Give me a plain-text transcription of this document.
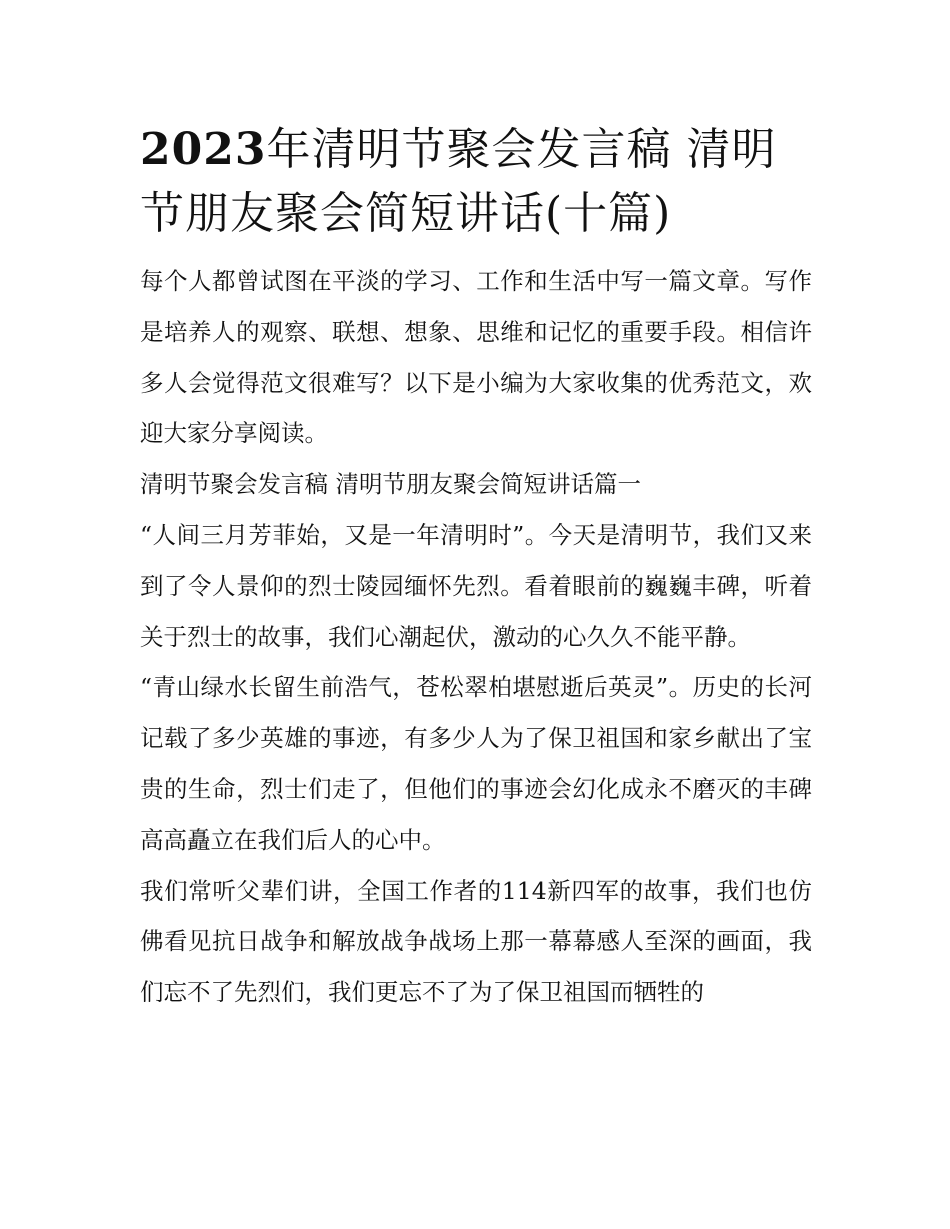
2023年清明节聚会发言稿 清明节朋友聚会简短讲话(十篇)

每个人都曾试图在平淡的学习、工作和生活中写一篇文章。写作是培养人的观察、联想、想象、思维和记忆的重要手段。相信许多人会觉得范文很难写？以下是小编为大家收集的优秀范文，欢迎大家分享阅读。

清明节聚会发言稿 清明节朋友聚会简短讲话篇一

“人间三月芳菲始，又是一年清明时”。今天是清明节，我们又来到了令人景仰的烈士陵园缅怀先烈。看着眼前的巍巍丰碑，听着关于烈士的故事，我们心潮起伏，激动的心久久不能平静。

“青山绿水长留生前浩气，苍松翠柏堪慰逝后英灵”。历史的长河记载了多少英雄的事迹，有多少人为了保卫祖国和家乡献出了宝贵的生命，烈士们走了，但他们的事迹会幻化成永不磨灭的丰碑高高矗立在我们后人的心中。

我们常听父辈们讲，全国工作者的114新四军的故事，我们也仿佛看见抗日战争和解放战争战场上那一幕幕感人至深的画面，我们忘不了先烈们，我们更忘不了为了保卫祖国而牺牲的
